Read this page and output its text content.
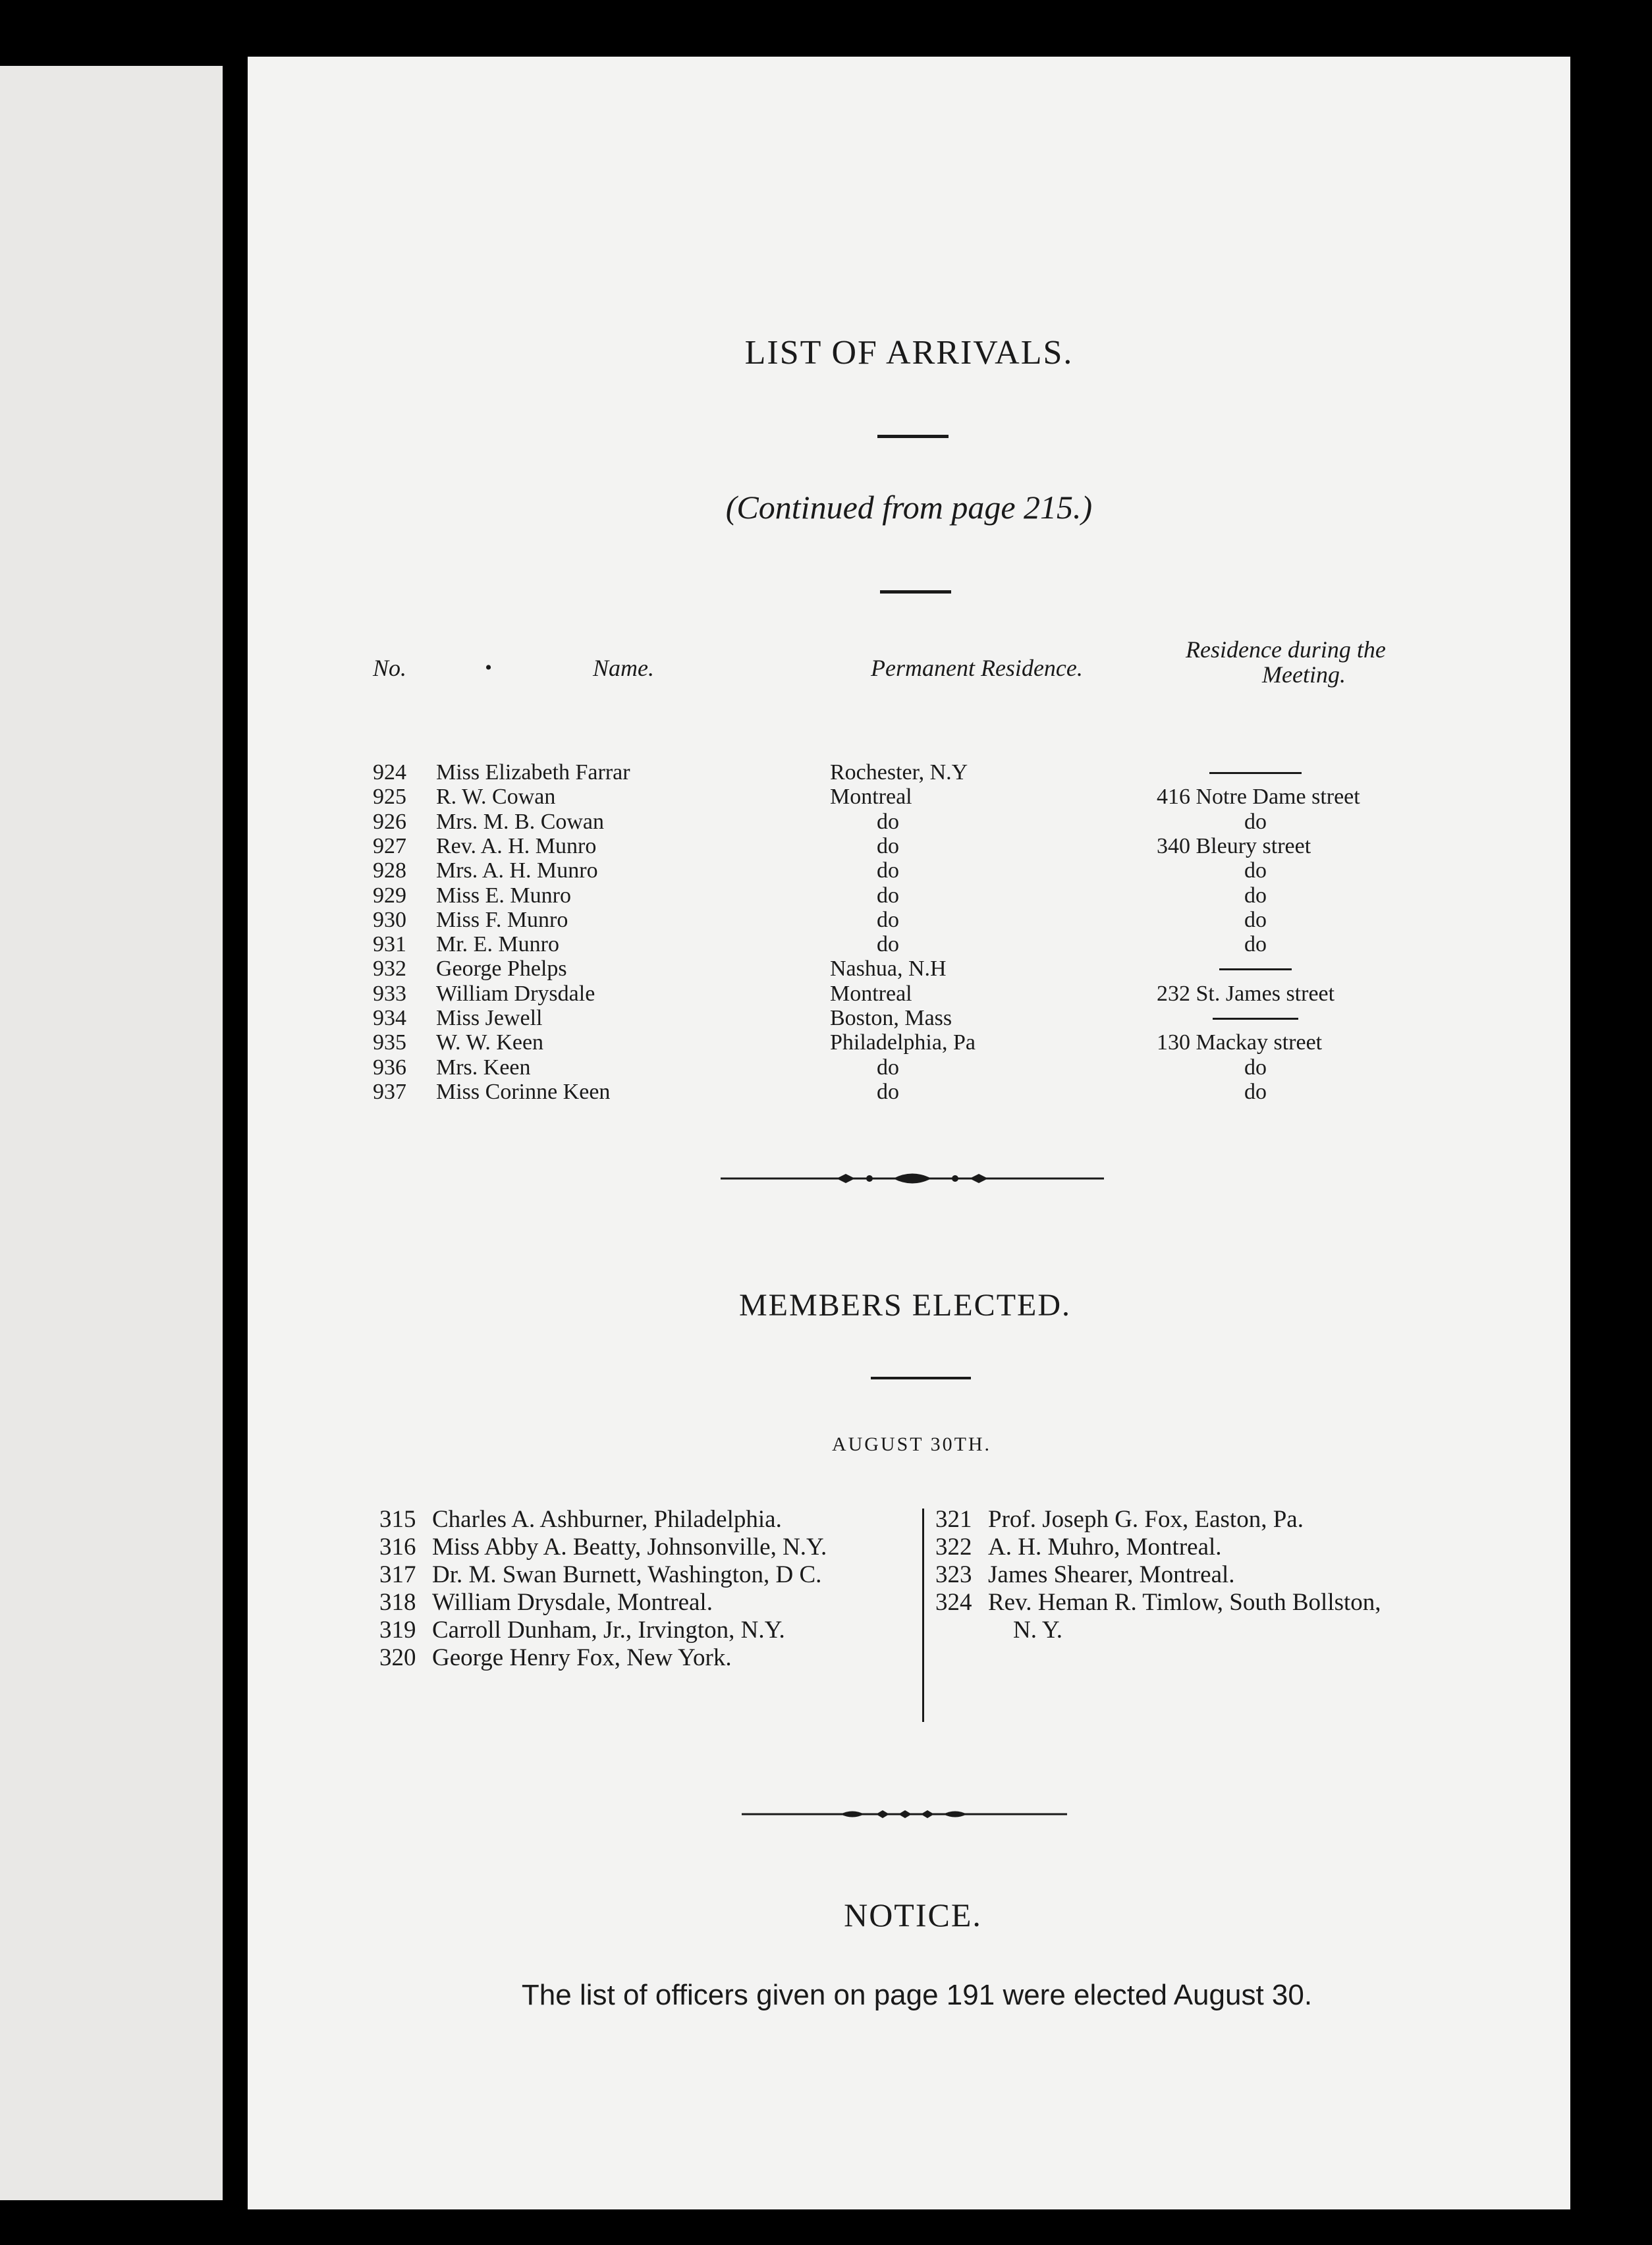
LIST OF ARRIVALS.
(Continued from page 215.)
No.	•	Name.	Permanent Residence.
Residence during the
Meeting.
924 Miss Elizabeth Farrar	Rochester, N.Y
925 R. W. Cowan	Montreal	416 Notre Dame street
926 Mrs. M. B. Cowan	do	do
927 Rev. A. H. Munro	do	340 Bleury street
928 Mrs. A. H. Munro	do	do
929 Miss E. Munro	do	do
930 Miss F. Munro	do	do
931 Mr. E. Munro	do	do
932 George Phelps	Nashua, N.H
933 William Drysdale	Montreal	232 St. James street
934 Miss Jewell	Boston, Mass
935 W. W. Keen	Philadelphia, Pa	130 Mackay street
936 Mrs. Keen	do	do
937 Miss Corinne Keen	do	do
MEMBERS ELECTED.
AUGUST 30TH.
315 Charles A. Ashburner, Philadelphia.
316 Miss Abby A. Beatty, Johnsonville, N.Y.
317 Dr. M. Swan Burnett, Washington, D C.
318 William Drysdale, Montreal.
319 Carroll Dunham, Jr., Irvington, N.Y.
320 George Henry Fox, New York.
321 Prof. Joseph G. Fox, Easton, Pa.
322 A. H. Muhro, Montreal.
323 James Shearer, Montreal.
324 Rev. Heman R. Timlow, South Bollston,
N. Y.
NOTICE.
The list of officers given on page 191 were elected August 30.
